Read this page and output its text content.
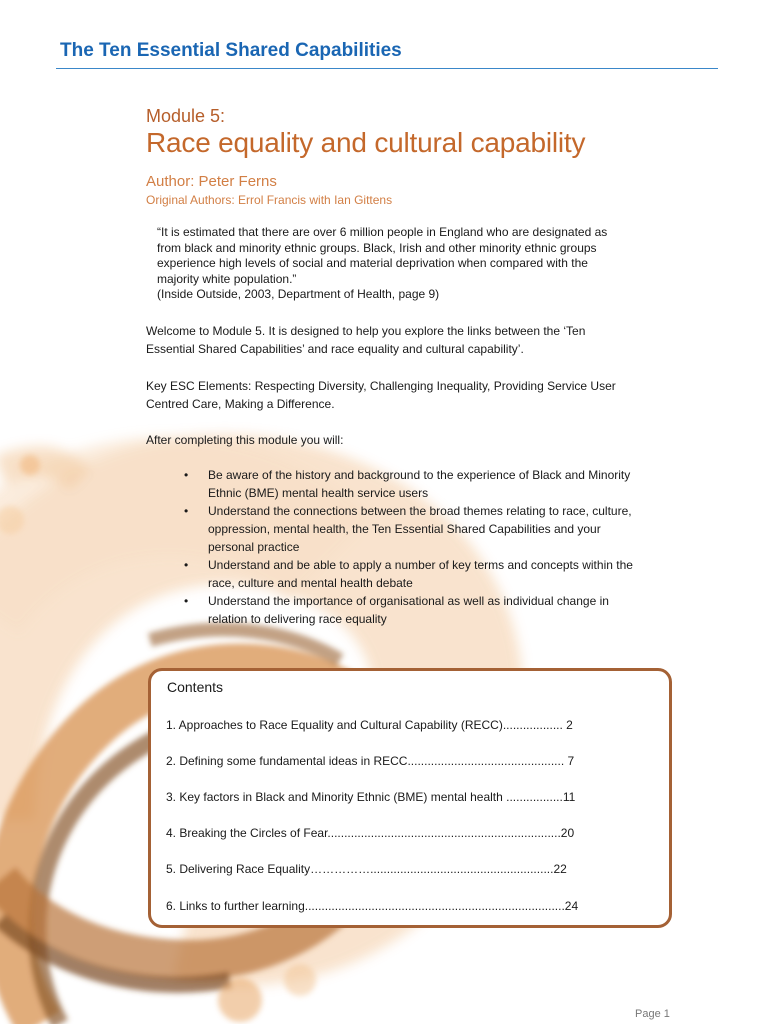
The Ten Essential Shared Capabilities
Module 5:
Race equality and cultural capability
Author: Peter Ferns
Original Authors: Errol Francis with Ian Gittens

“It is estimated that there are over 6 million people in England who are designated as

from black and minority ethnic groups. Black, Irish and other minority ethnic groups

experience high levels of social and material deprivation when compared with the

majority white population.”

(Inside Outside, 2003, Department of Health, page 9)

Welcome to Module 5. It is designed to help you explore the links between the ‘Ten
Essential Shared Capabilities’ and race equality and cultural capability’.
Key ESC Elements: Respecting Diversity, Challenging Inequality, Providing Service User
Centred Care, Making a Difference.
After completing this module you will:
• Be aware of the history and background to the experience of Black and Minority
Ethnic (BME) mental health service users
• Understand the connections between the broad themes relating to race, culture,
oppression, mental health, the Ten Essential Shared Capabilities and your
personal practice
• Understand and be able to apply a number of key terms and concepts within the
race, culture and mental health debate
• Understand the importance of organisational as well as individual change in
relation to delivering race equality
Contents
1. Approaches to Race Equality and Cultural Capability (RECC).................. 2
2. Defining some fundamental ideas in RECC............................................... 7
3. Key factors in Black and Minority Ethnic (BME) mental health .................11
4. Breaking the Circles of Fear......................................................................20
5. Delivering Race Equality…………….......................................................22
6. Links to further learning..............................................................................24
Page 1
